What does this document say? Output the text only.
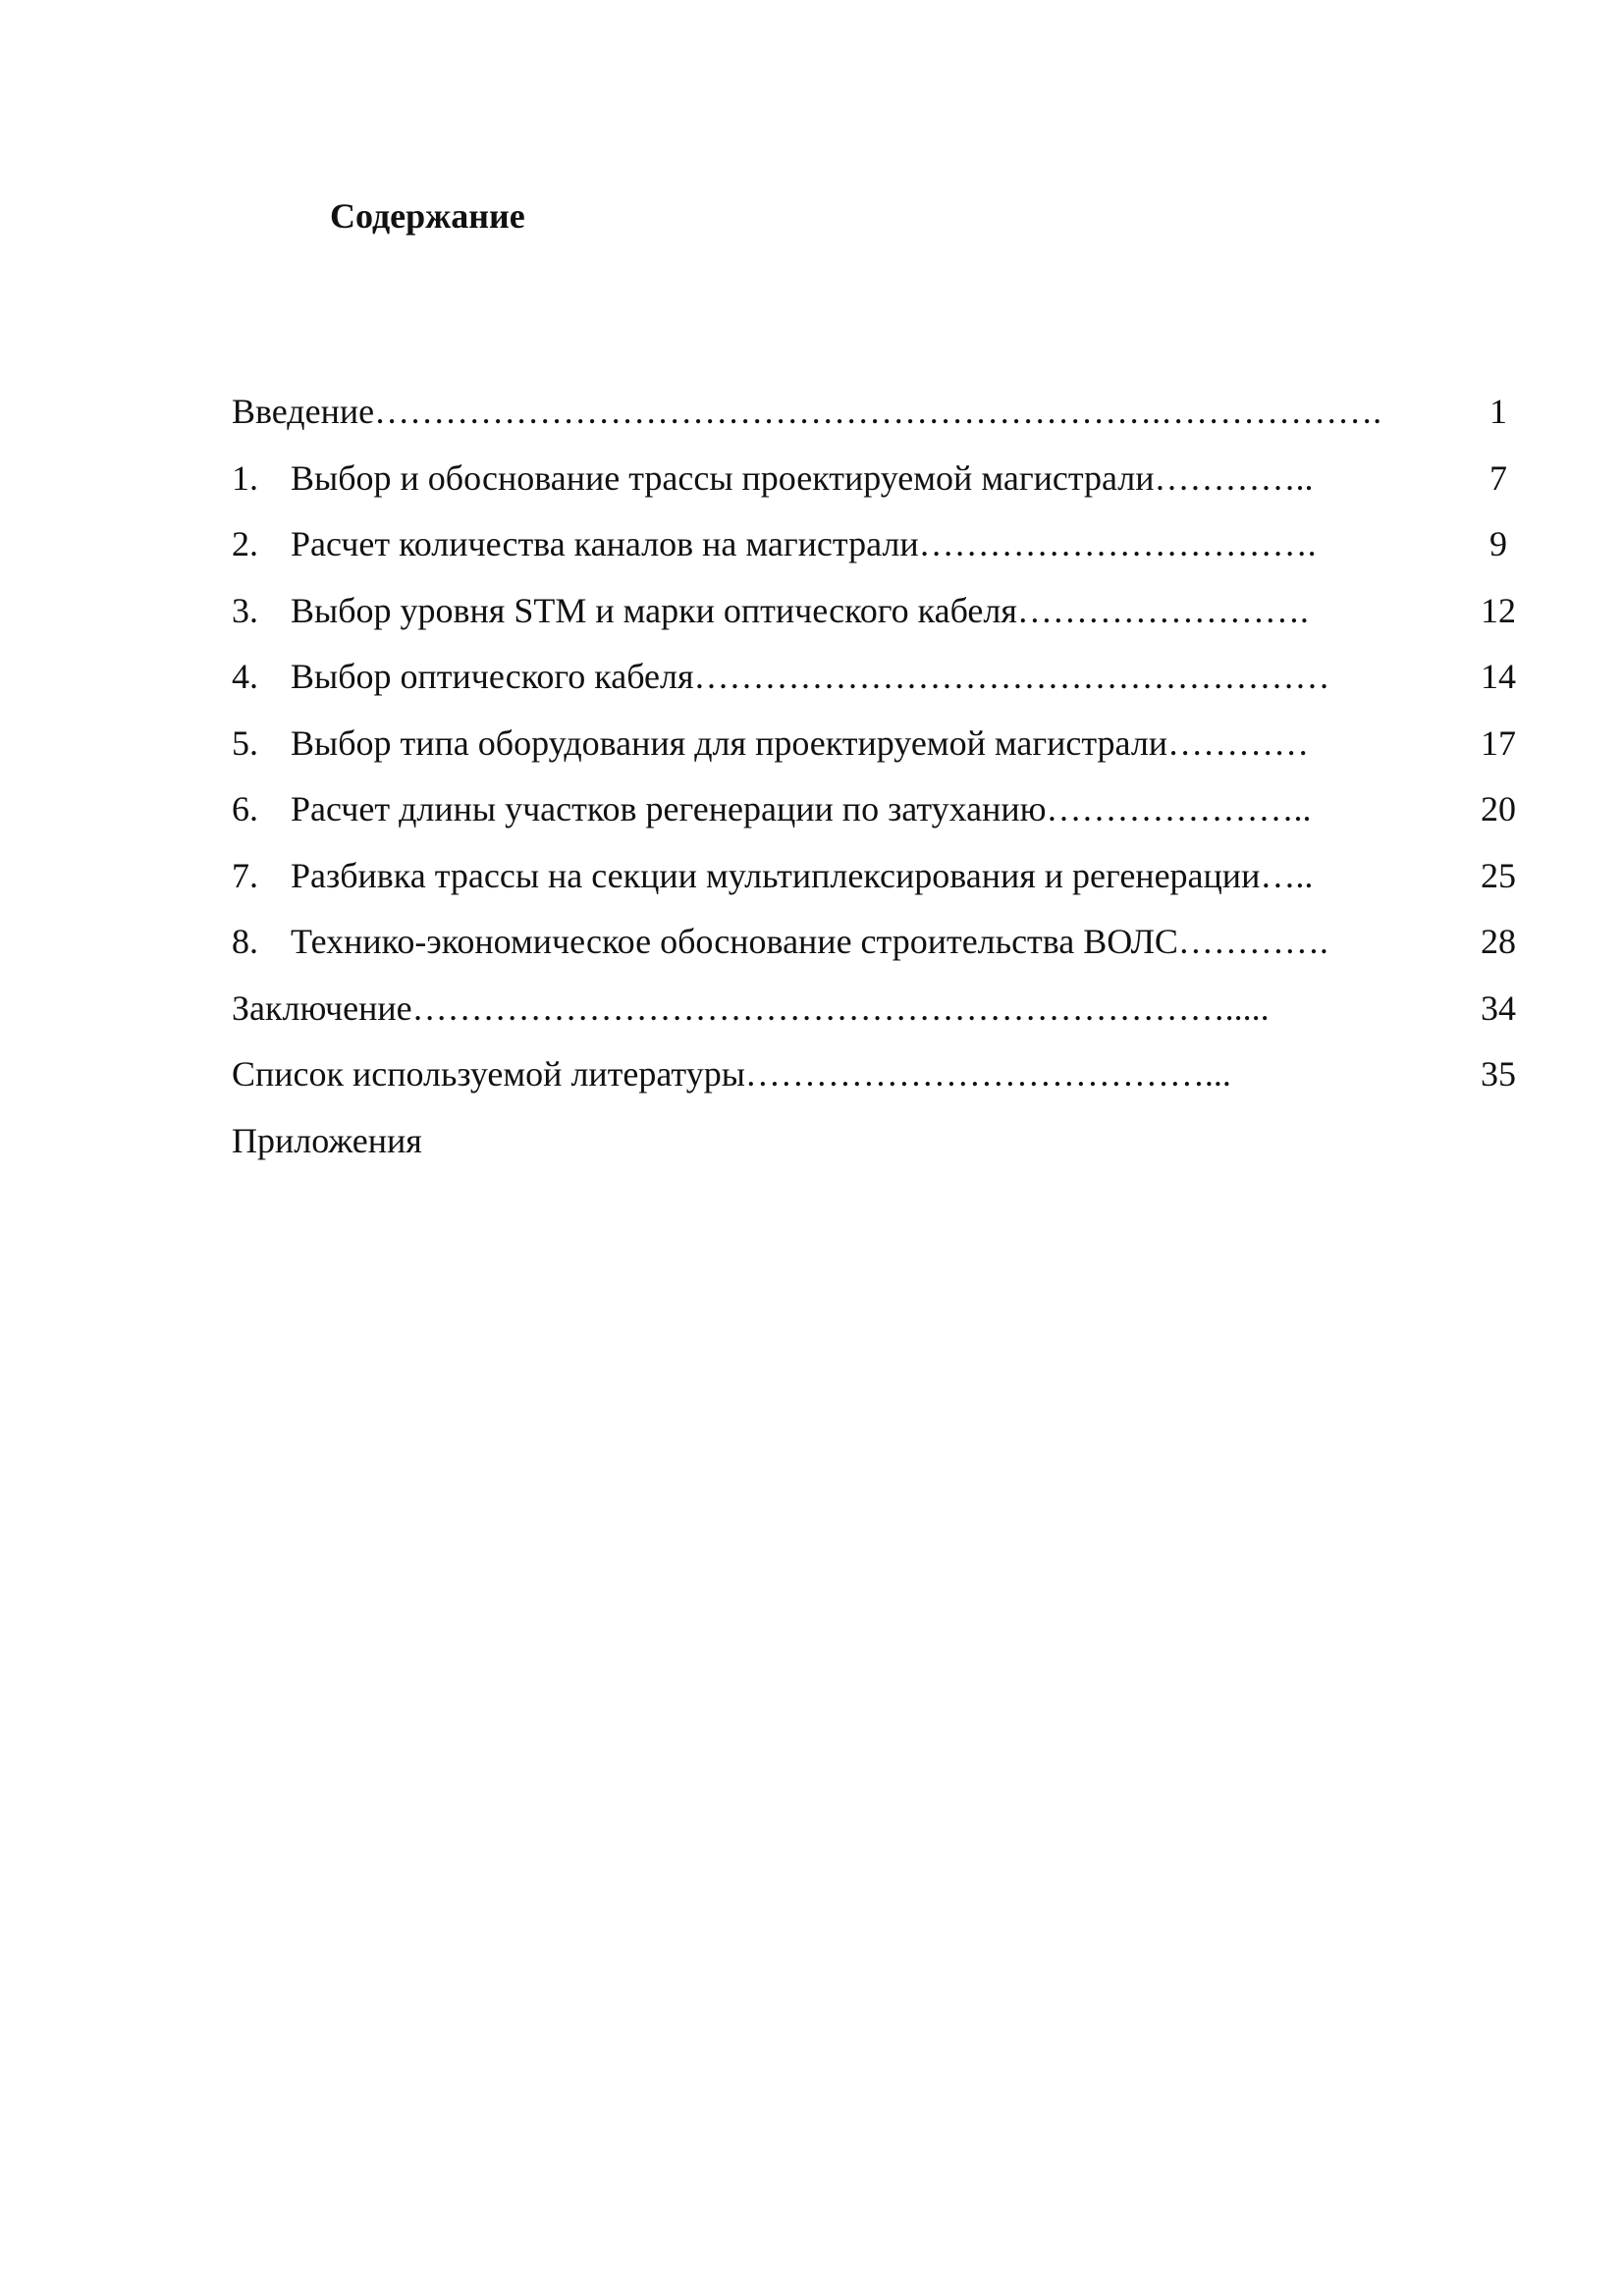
Содержание
Введение………………………………………………………….……………….	1
1. Выбор и обоснование трассы проектируемой магистрали…………..	7
2. Расчет количества каналов на магистрали…………………………….	9
3. Выбор уровня STM и марки оптического кабеля…………………….	12
4. Выбор оптического кабеля………………………………………………	14
5. Выбор типа оборудования для проектируемой магистрали…………	17
6. Расчет длины участков регенерации по затуханию…………………..	20
7. Разбивка трассы на секции мультиплексирования и регенерации…..	25
8. Технико-экономическое обоснование строительства ВОЛС………….	28
Заключение…………………………………………………………….....	34
Список используемой литературы…………………………………...	35
Приложения
